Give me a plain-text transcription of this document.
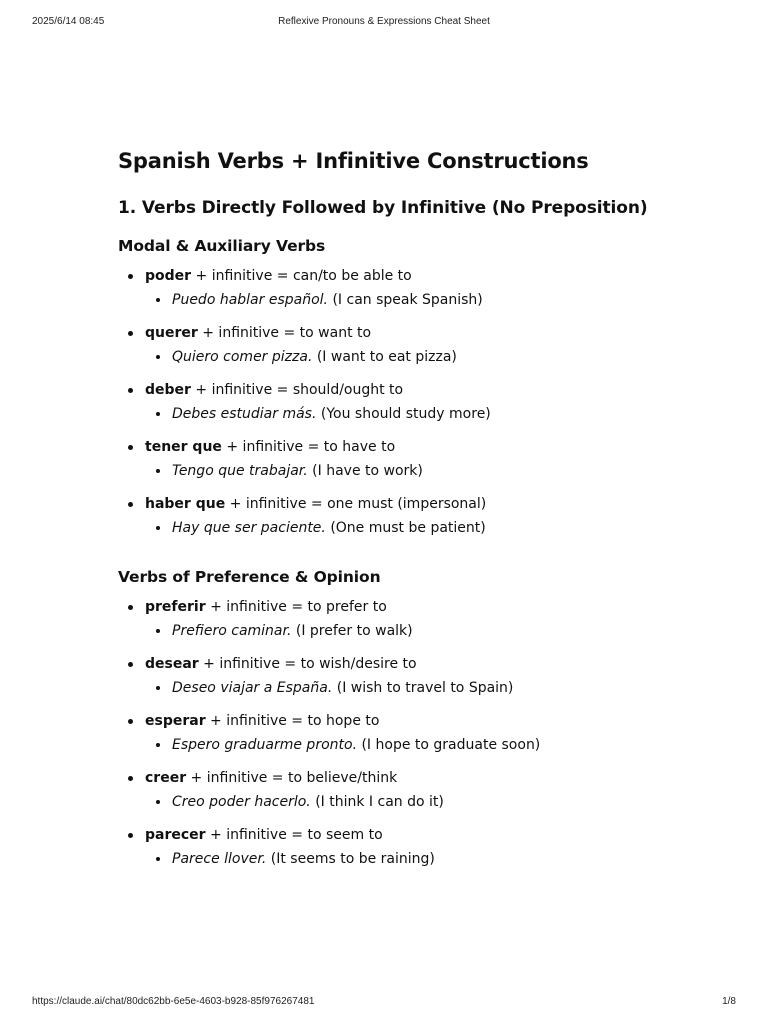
2025/6/14 08:45	Reflexive Pronouns & Expressions Cheat Sheet
Spanish Verbs + Infinitive Constructions
1. Verbs Directly Followed by Infinitive (No Preposition)
Modal & Auxiliary Verbs
poder + infinitive = can/to be able to
Puedo hablar español. (I can speak Spanish)
querer + infinitive = to want to
Quiero comer pizza. (I want to eat pizza)
deber + infinitive = should/ought to
Debes estudiar más. (You should study more)
tener que + infinitive = to have to
Tengo que trabajar. (I have to work)
haber que + infinitive = one must (impersonal)
Hay que ser paciente. (One must be patient)
Verbs of Preference & Opinion
preferir + infinitive = to prefer to
Prefiero caminar. (I prefer to walk)
desear + infinitive = to wish/desire to
Deseo viajar a España. (I wish to travel to Spain)
esperar + infinitive = to hope to
Espero graduarme pronto. (I hope to graduate soon)
creer + infinitive = to believe/think
Creo poder hacerlo. (I think I can do it)
parecer + infinitive = to seem to
Parece llover. (It seems to be raining)
https://claude.ai/chat/80dc62bb-6e5e-4603-b928-85f976267481	1/8
